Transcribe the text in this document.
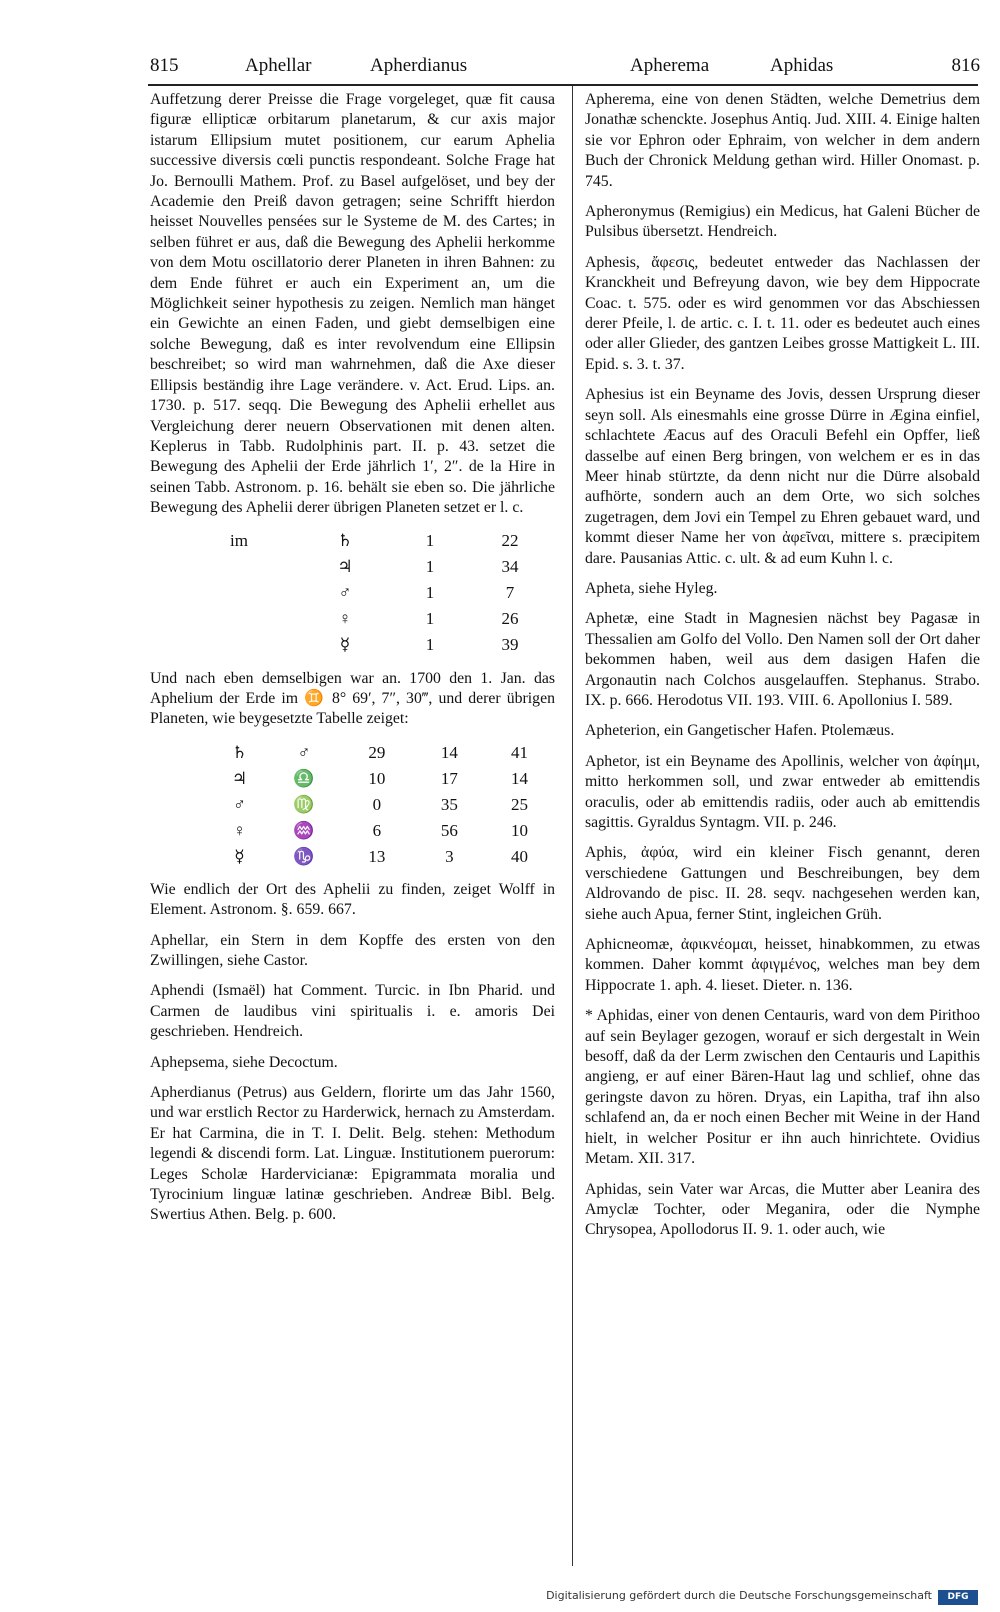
815	Aphellar	Apherdianus	Apherema	Aphidas	816

Auffetzung derer Preisse die Frage vorgeleget, quæ fit causa figuræ ellipticæ orbitarum planetarum, & cur axis major istarum Ellipsium mutet positionem, cur earum Aphelia successive diversis cœli punctis respondeant. Solche Frage hat Jo. Bernoulli Mathem. Prof. zu Basel aufgelöset, und bey der Academie den Preiß davon getragen; seine Schrifft hierdon heisset Nouvelles pensées sur le Systeme de M. des Cartes; in selben führet er aus, daß die Bewegung des Aphelii herkomme von dem Motu oscillatorio derer Planeten in ihren Bahnen: zu dem Ende führet er auch ein Experiment an, um die Möglichkeit seiner hypothesis zu zeigen. Nemlich man hänget ein Gewichte an einen Faden, und giebt demselbigen eine solche Bewegung, daß es inter revolvendum eine Ellipsin beschreibet; so wird man wahrnehmen, daß die Axe dieser Ellipsis beständig ihre Lage verändere. v. Act. Erud. Lips. an. 1730. p. 517. seqq. Die Bewegung des Aphelii erhellet aus Vergleichung derer neuern Observationen mit denen alten. Keplerus in Tabb. Rudolphinis part. II. p. 43. setzet die Bewegung des Aphelii der Erde jährlich 1′, 2″. de la Hire in seinen Tabb. Astronom. p. 16. behält sie eben so. Die jährliche Bewegung des Aphelii derer übrigen Planeten setzet er l. c.

im	♄	1	22
	♃	1	34
	♂	1	7
	♀	1	26
	☿	1	39

Und nach eben demselbigen war an. 1700 den 1. Jan. das Aphelium der Erde im ♊ 8° 69′, 7″, 30‴, und derer übrigen Planeten, wie beygesetzte Tabelle zeiget:

♄	♂	29	14	41
♃	♎	10	17	14
♂	♍	0	35	25
♀	♒	6	56	10
☿	♑	13	3	40

Wie endlich der Ort des Aphelii zu finden, zeiget Wolff in Element. Astronom. §. 659. 667.

Aphellar, ein Stern in dem Kopffe des ersten von den Zwillingen, siehe Castor.

Aphendi (Ismaël) hat Comment. Turcic. in Ibn Pharid. und Carmen de laudibus vini spiritualis i. e. amoris Dei geschrieben. Hendreich.

Aphepsema, siehe Decoctum.

Apherdianus (Petrus) aus Geldern, florirte um das Jahr 1560, und war erstlich Rector zu Harderwick, hernach zu Amsterdam. Er hat Carmina, die in T. I. Delit. Belg. stehen: Methodum legendi & discendi form. Lat. Linguæ. Institutionem puerorum: Leges Scholæ Hardervicianæ: Epigrammata moralia und Tyrocinium linguæ latinæ geschrieben. Andreæ Bibl. Belg. Swertius Athen. Belg. p. 600.

Apherema, eine von denen Städten, welche Demetrius dem Jonathæ schenckte. Josephus Antiq. Jud. XIII. 4. Einige halten sie vor Ephron oder Ephraim, von welcher in dem andern Buch der Chronick Meldung gethan wird. Hiller Onomast. p. 745.

Apheronymus (Remigius) ein Medicus, hat Galeni Bücher de Pulsibus übersetzt. Hendreich.

Aphesis, ἄφεσις, bedeutet entweder das Nachlassen der Kranckheit und Befreyung davon, wie bey dem Hippocrate Coac. t. 575. oder es wird genommen vor das Abschiessen derer Pfeile, l. de artic. c. I. t. 11. oder es bedeutet auch eines oder aller Glieder, des gantzen Leibes grosse Mattigkeit L. III. Epid. s. 3. t. 37.

Aphesius ist ein Beyname des Jovis, dessen Ursprung dieser seyn soll. Als einesmahls eine grosse Dürre in Ægina einfiel, schlachtete Æacus auf des Oraculi Befehl ein Opffer, ließ dasselbe auf einen Berg bringen, von welchem er es in das Meer hinab stürtzte, da denn nicht nur die Dürre alsobald aufhörte, sondern auch an dem Orte, wo sich solches zugetragen, dem Jovi ein Tempel zu Ehren gebauet ward, und kommt dieser Name her von ἀφεῖναι, mittere s. præcipitem dare. Pausanias Attic. c. ult. & ad eum Kuhn l. c.

Apheta, siehe Hyleg.

Aphetæ, eine Stadt in Magnesien nächst bey Pagasæ in Thessalien am Golfo del Vollo. Den Namen soll der Ort daher bekommen haben, weil aus dem dasigen Hafen die Argonautin nach Colchos ausgelauffen. Stephanus. Strabo. IX. p. 666. Herodotus VII. 193. VIII. 6. Apollonius I. 589.

Apheterion, ein Gangetischer Hafen. Ptolemæus.

Aphetor, ist ein Beyname des Apollinis, welcher von ἀφίημι, mitto herkommen soll, und zwar entweder ab emittendis oraculis, oder ab emittendis radiis, oder auch ab emittendis sagittis. Gyraldus Syntagm. VII. p. 246.

Aphis, ἀφύα, wird ein kleiner Fisch genannt, deren verschiedene Gattungen und Beschreibungen, bey dem Aldrovando de pisc. II. 28. seqv. nachgesehen werden kan, siehe auch Apua, ferner Stint, ingleichen Grüh.

Aphicneomæ, ἀφικνέομαι, heisset, hinabkommen, zu etwas kommen. Daher kommt ἀφιγμένος, welches man bey dem Hippocrate 1. aph. 4. lieset. Dieter. n. 136.

* Aphidas, einer von denen Centauris, ward von dem Pirithoo auf sein Beylager gezogen, worauf er sich dergestalt in Wein besoff, daß da der Lerm zwischen den Centauris und Lapithis angieng, er auf einer Bären-Haut lag und schlief, ohne das geringste davon zu hören. Dryas, ein Lapitha, traf ihn also schlafend an, da er noch einen Becher mit Weine in der Hand hielt, in welcher Positur er ihn auch hinrichtete. Ovidius Metam. XII. 317.

Aphidas, sein Vater war Arcas, die Mutter aber Leanira des Amyclæ Tochter, oder Meganira, oder die Nymphe Chrysopea, Apollodorus II. 9. 1. oder auch, wie

Digitalisierung gefördert durch die Deutsche Forschungsgemeinschaft	DFG
